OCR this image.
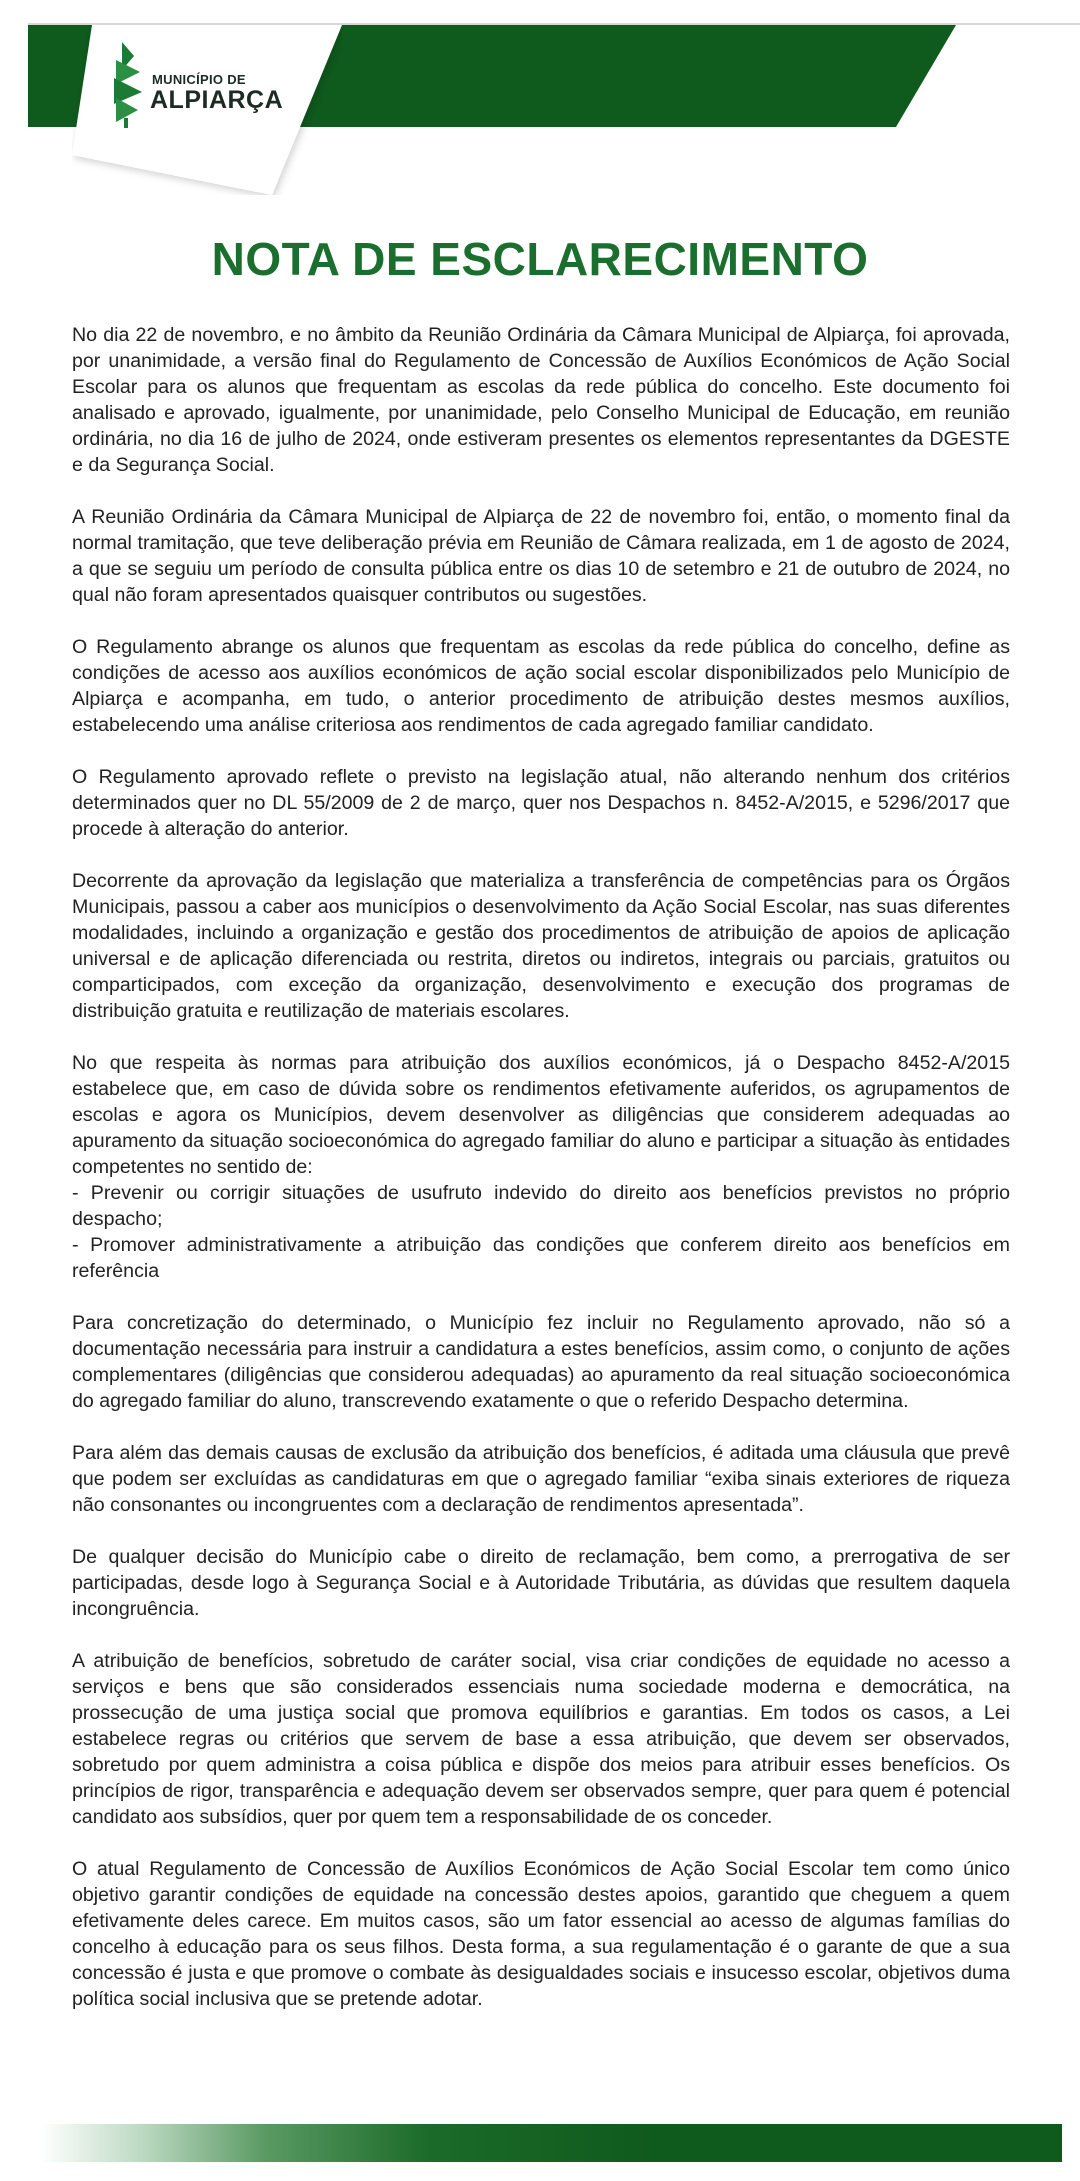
MUNICÍPIO DE
ALPIARÇA
NOTA DE ESCLARECIMENTO

No dia 22 de novembro, e no âmbito da Reunião Ordinária da Câmara Municipal de Alpiarça, foi aprovada, por unanimidade, a versão final do Regulamento de Concessão de Auxílios Económicos de Ação Social Escolar para os alunos que frequentam as escolas da rede pública do concelho. Este documento foi analisado e aprovado, igualmente, por unanimidade, pelo Conselho Municipal de Educação, em reunião ordinária, no dia 16 de julho de 2024, onde estiveram presentes os elementos representantes da DGESTE e da Segurança Social.

A Reunião Ordinária da Câmara Municipal de Alpiarça de 22 de novembro foi, então, o momento final da normal tramitação, que teve deliberação prévia em Reunião de Câmara realizada, em 1 de agosto de 2024, a que se seguiu um período de consulta pública entre os dias 10 de setembro e 21 de outubro de 2024, no qual não foram apresentados quaisquer contributos ou sugestões.

O Regulamento abrange os alunos que frequentam as escolas da rede pública do concelho, define as condições de acesso aos auxílios económicos de ação social escolar disponibilizados pelo Município de Alpiarça e acompanha, em tudo, o anterior procedimento de atribuição destes mesmos auxílios, estabelecendo uma análise criteriosa aos rendimentos de cada agregado familiar candidato.

O Regulamento aprovado reflete o previsto na legislação atual, não alterando nenhum dos critérios determinados quer no DL 55/2009 de 2 de março, quer nos Despachos n. 8452-A/2015, e 5296/2017 que procede à alteração do anterior.

Decorrente da aprovação da legislação que materializa a transferência de competências para os Órgãos Municipais, passou a caber aos municípios o desenvolvimento da Ação Social Escolar, nas suas diferentes modalidades, incluindo a organização e gestão dos procedimentos de atribuição de apoios de aplicação universal e de aplicação diferenciada ou restrita, diretos ou indiretos, integrais ou parciais, gratuitos ou comparticipados, com exceção da organização, desenvolvimento e execução dos programas de distribuição gratuita e reutilização de materiais escolares.

No que respeita às normas para atribuição dos auxílios económicos, já o Despacho 8452-A/2015 estabelece que, em caso de dúvida sobre os rendimentos efetivamente auferidos, os agrupamentos de escolas e agora os Municípios, devem desenvolver as diligências que considerem adequadas ao apuramento da situação socioeconómica do agregado familiar do aluno e participar a situação às entidades competentes no sentido de:
- Prevenir ou corrigir situações de usufruto indevido do direito aos benefícios previstos no próprio despacho;
- Promover administrativamente a atribuição das condições que conferem direito aos benefícios em referência

Para concretização do determinado, o Município fez incluir no Regulamento aprovado, não só a documentação necessária para instruir a candidatura a estes benefícios, assim como, o conjunto de ações complementares (diligências que considerou adequadas) ao apuramento da real situação socioeconómica do agregado familiar do aluno, transcrevendo exatamente o que o referido Despacho determina.

Para além das demais causas de exclusão da atribuição dos benefícios, é aditada uma cláusula que prevê que podem ser excluídas as candidaturas em que o agregado familiar “exiba sinais exteriores de riqueza não consonantes ou incongruentes com a declaração de rendimentos apresentada”.

De qualquer decisão do Município cabe o direito de reclamação, bem como, a prerrogativa de ser participadas, desde logo à Segurança Social e à Autoridade Tributária, as dúvidas que resultem daquela incongruência.

A atribuição de benefícios, sobretudo de caráter social, visa criar condições de equidade no acesso a serviços e bens que são considerados essenciais numa sociedade moderna e democrática, na prossecução de uma justiça social que promova equilíbrios e garantias. Em todos os casos, a Lei estabelece regras ou critérios que servem de base a essa atribuição, que devem ser observados, sobretudo por quem administra a coisa pública e dispõe dos meios para atribuir esses benefícios. Os princípios de rigor, transparência e adequação devem ser observados sempre, quer para quem é potencial candidato aos subsídios, quer por quem tem a responsabilidade de os conceder.

O atual Regulamento de Concessão de Auxílios Económicos de Ação Social Escolar tem como único objetivo garantir condições de equidade na concessão destes apoios, garantido que cheguem a quem efetivamente deles carece. Em muitos casos, são um fator essencial ao acesso de algumas famílias do concelho à educação para os seus filhos. Desta forma, a sua regulamentação é o garante de que a sua concessão é justa e que promove o combate às desigualdades sociais e insucesso escolar, objetivos duma política social inclusiva que se pretende adotar.
